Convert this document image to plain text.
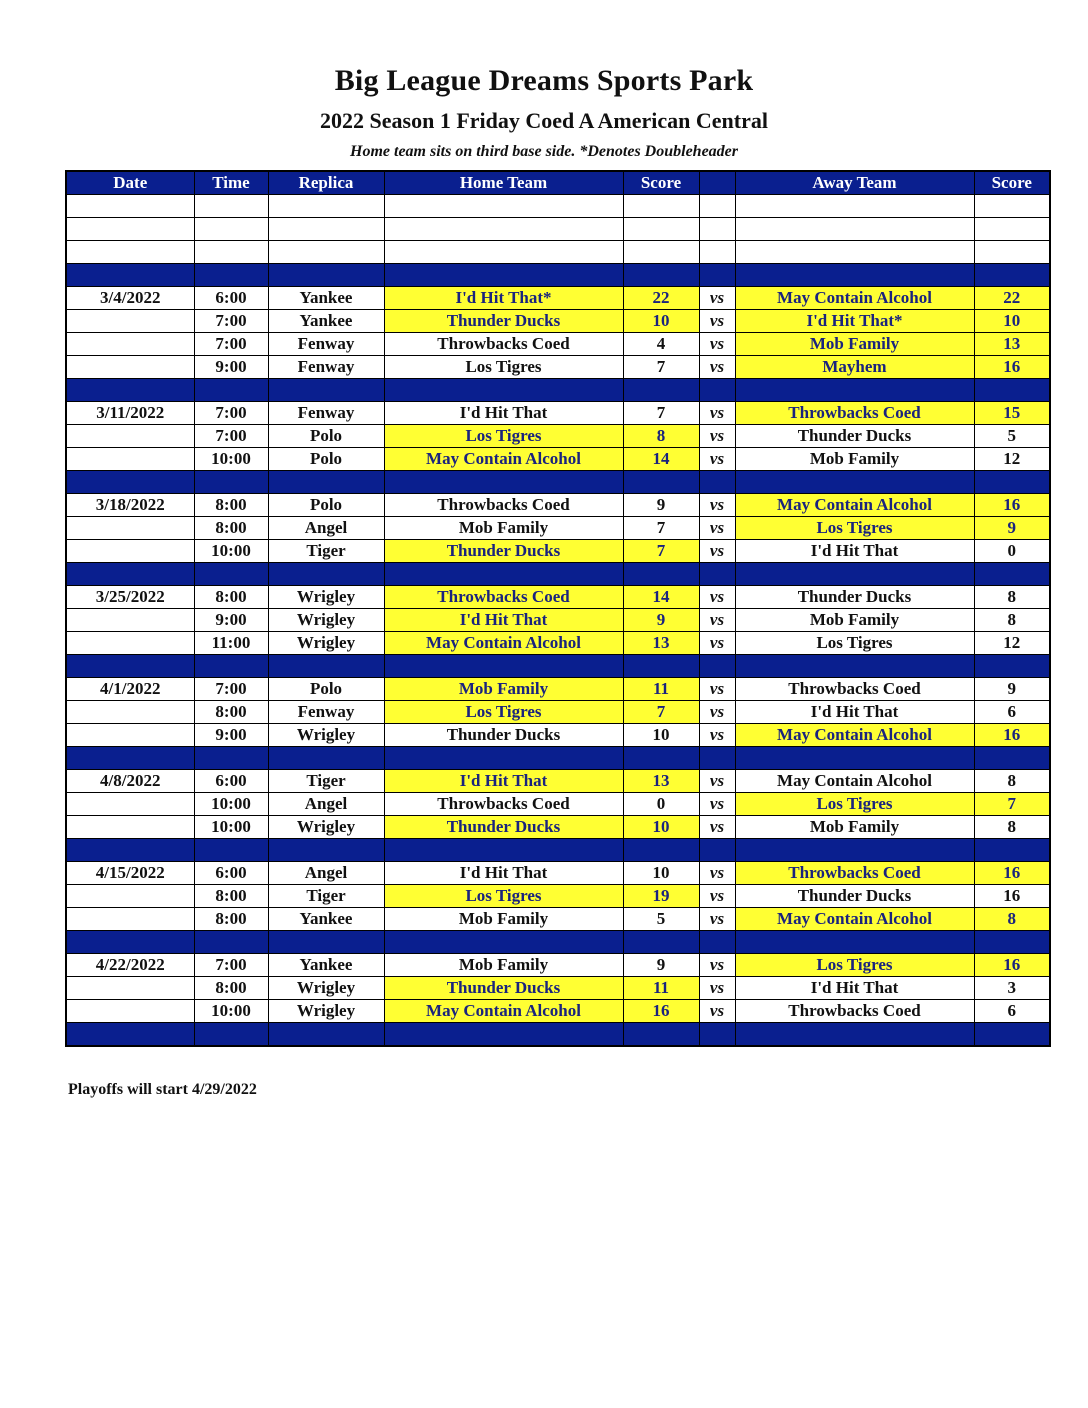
Big League Dreams Sports Park
2022 Season 1 Friday Coed A American Central
Home team sits on third base side. *Denotes Doubleheader
Date	Time	Replica	Home Team	Score		Away Team	Score

3/4/2022	6:00	Yankee	I'd Hit That*	22	vs	May Contain Alcohol	22
	7:00	Yankee	Thunder Ducks	10	vs	I'd Hit That*	10
	7:00	Fenway	Throwbacks Coed	4	vs	Mob Family	13
	9:00	Fenway	Los Tigres	7	vs	Mayhem	16

3/11/2022	7:00	Fenway	I'd Hit That	7	vs	Throwbacks Coed	15
	7:00	Polo	Los Tigres	8	vs	Thunder Ducks	5
	10:00	Polo	May Contain Alcohol	14	vs	Mob Family	12

3/18/2022	8:00	Polo	Throwbacks Coed	9	vs	May Contain Alcohol	16
	8:00	Angel	Mob Family	7	vs	Los Tigres	9
	10:00	Tiger	Thunder Ducks	7	vs	I'd Hit That	0

3/25/2022	8:00	Wrigley	Throwbacks Coed	14	vs	Thunder Ducks	8
	9:00	Wrigley	I'd Hit That	9	vs	Mob Family	8
	11:00	Wrigley	May Contain Alcohol	13	vs	Los Tigres	12

4/1/2022	7:00	Polo	Mob Family	11	vs	Throwbacks Coed	9
	8:00	Fenway	Los Tigres	7	vs	I'd Hit That	6
	9:00	Wrigley	Thunder Ducks	10	vs	May Contain Alcohol	16

4/8/2022	6:00	Tiger	I'd Hit That	13	vs	May Contain Alcohol	8
	10:00	Angel	Throwbacks Coed	0	vs	Los Tigres	7
	10:00	Wrigley	Thunder Ducks	10	vs	Mob Family	8

4/15/2022	6:00	Angel	I'd Hit That	10	vs	Throwbacks Coed	16
	8:00	Tiger	Los Tigres	19	vs	Thunder Ducks	16
	8:00	Yankee	Mob Family	5	vs	May Contain Alcohol	8

4/22/2022	7:00	Yankee	Mob Family	9	vs	Los Tigres	16
	8:00	Wrigley	Thunder Ducks	11	vs	I'd Hit That	3
	10:00	Wrigley	May Contain Alcohol	16	vs	Throwbacks Coed	6

Playoffs will start 4/29/2022
